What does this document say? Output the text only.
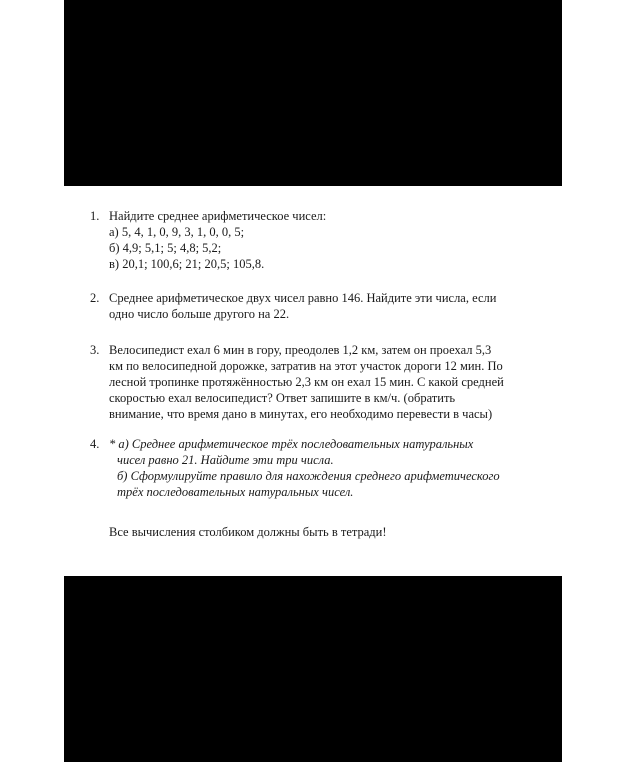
1. Найдите среднее арифметическое чисел:
а) 5, 4, 1, 0, 9, 3, 1, 0, 0, 5;
б) 4,9; 5,1; 5; 4,8; 5,2;
в) 20,1; 100,6; 21; 20,5; 105,8.
2. Среднее арифметическое двух чисел равно 146. Найдите эти числа, если
одно число больше другого на 22.
3. Велосипедист ехал 6 мин в гору, преодолев 1,2 км, затем он проехал 5,3
км по велосипедной дорожке, затратив на этот участок дороги 12 мин. По
лесной тропинке протяжённостью 2,3 км он ехал 15 мин. С какой средней
скоростью ехал велосипедист? Ответ запишите в км/ч. (обратить
внимание, что время дано в минутах, его необходимо перевести в часы)
4. * а) Среднее арифметическое трёх последовательных натуральных
чисел равно 21. Найдите эти три числа.
б) Сформулируйте правило для нахождения среднего арифметического
трёх последовательных натуральных чисел.
Все вычисления столбиком должны быть в тетради!
